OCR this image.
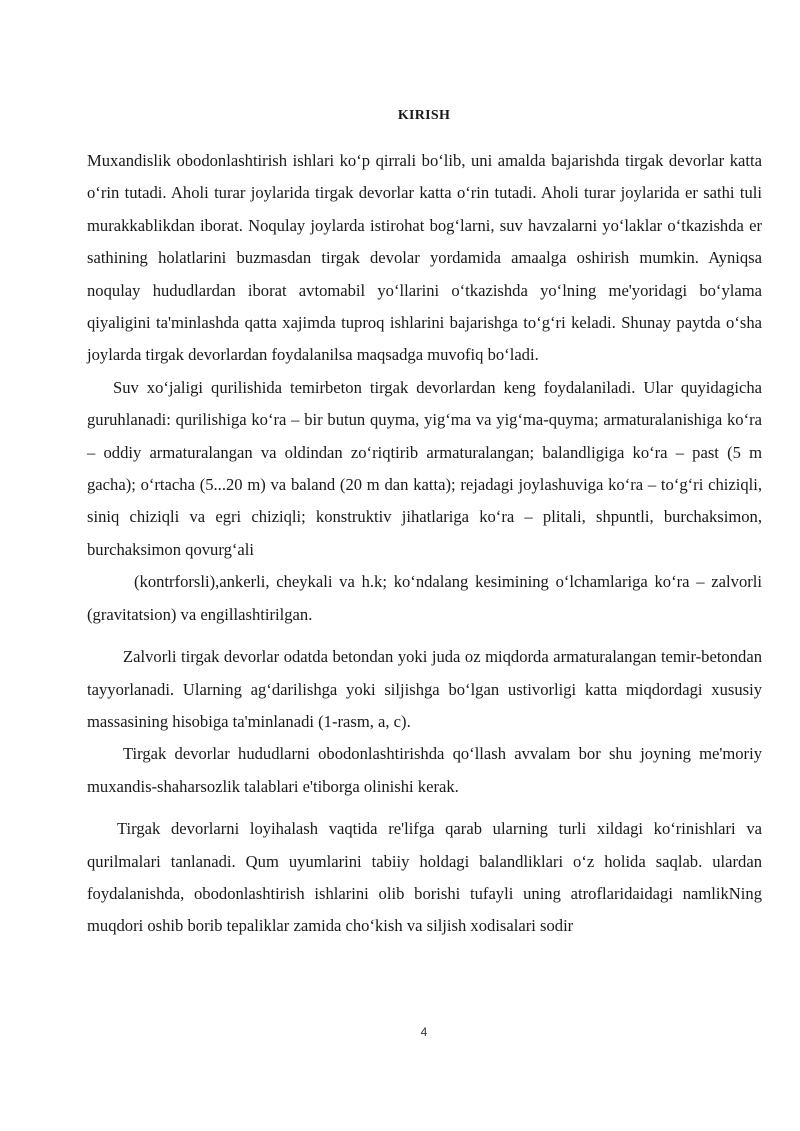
KIRISH

Muxandislik obodonlashtirish ishlari koʻp qirrali boʻlib, uni amalda bajarishda tirgak devorlar katta oʻrin tutadi. Aholi turar joylarida tirgak devorlar katta oʻrin tutadi. Aholi turar joylarida er sathi tuli murakkablikdan iborat. Noqulay joylarda istirohat bogʻlarni, suv havzalarni yoʻlaklar oʻtkazishda er sathining holatlarini buzmasdan tirgak devolar yordamida amaalga oshirish mumkin. Ayniqsa noqulay hududlardan iborat avtomabil yoʻllarini oʻtkazishda yoʻlning me'yoridagi boʻylama qiyaligini ta'minlashda qatta xajimda tuproq ishlarini bajarishga toʻgʻri keladi. Shunay paytda oʻsha joylarda tirgak devorlardan foydalanilsa maqsadga muvofiq boʻladi.

Suv xoʻjaligi qurilishida temirbeton tirgak devorlardan keng foydalaniladi. Ular quyidagicha guruhlanadi: qurilishiga koʻra – bir butun quyma, yigʻma va yigʻma-quyma; armaturalanishiga koʻra – oddiy armaturalangan va oldindan zoʻriqtirib armaturalangan; balandligiga koʻra – past (5 m gacha); oʻrtacha (5...20 m) va baland (20 m dan katta); rejadagi joylashuviga koʻra – toʻgʻri chiziqli, siniq chiziqli va egri chiziqli; konstruktiv jihatlariga koʻra – plitali, shpuntli, burchaksimon, burchaksimon qovurgʻali

(kontrforsli),ankerli, cheykali va h.k; koʻndalang kesimining oʻlchamlariga koʻra – zalvorli (gravitatsion) va engillashtirilgan.

Zalvorli tirgak devorlar odatda betondan yoki juda oz miqdorda armaturalangan temir-betondan tayyorlanadi. Ularning agʻdarilishga yoki siljishga boʻlgan ustivorligi katta miqdordagi xususiy massasining hisobiga ta'minlanadi (1-rasm, a, c).

Tirgak devorlar hududlarni obodonlashtirishda qoʻllash avvalam bor shu joyning me'moriy muxandis-shaharsozlik talablari e'tiborga olinishi kerak.

Tirgak devorlarni loyihalash vaqtida re'lifga qarab ularning turli xildagi koʻrinishlari va qurilmalari tanlanadi. Qum uyumlarini tabiiy holdagi balandliklari oʻz holida saqlab. ulardan foydalanishda, obodonlashtirish ishlarini olib borishi tufayli uning atroflaridaidagi namlikNing muqdori oshib borib tepaliklar zamida choʻkish va siljish xodisalari sodir

4
